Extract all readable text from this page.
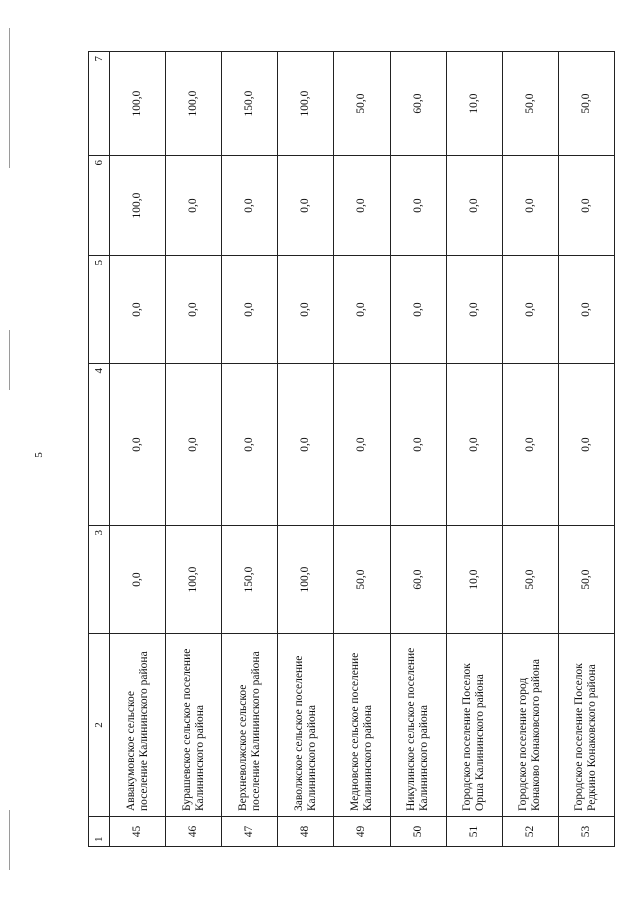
5
1	2	3	4	5	6	7
45	Аввакумовское сельское поселение Калининского района	0,0	0,0	0,0	100,0	100,0
46	Бурашевское сельское поселение Калининского района	100,0	0,0	0,0	0,0	100,0
47	Верхневолжское сельское поселение Калининского района	150,0	0,0	0,0	0,0	150,0
48	Заволжское сельское поселение Калининского района	100,0	0,0	0,0	0,0	100,0
49	Медновское сельское поселение Калининского района	50,0	0,0	0,0	0,0	50,0
50	Никулинское сельское поселение Калининского района	60,0	0,0	0,0	0,0	60,0
51	Городское поселение Поселок Орша Калининского района	10,0	0,0	0,0	0,0	10,0
52	Городское поселение город Конаково Конаковского района	50,0	0,0	0,0	0,0	50,0
53	Городское поселение Поселок Редкино Конаковского района	50,0	0,0	0,0	0,0	50,0
